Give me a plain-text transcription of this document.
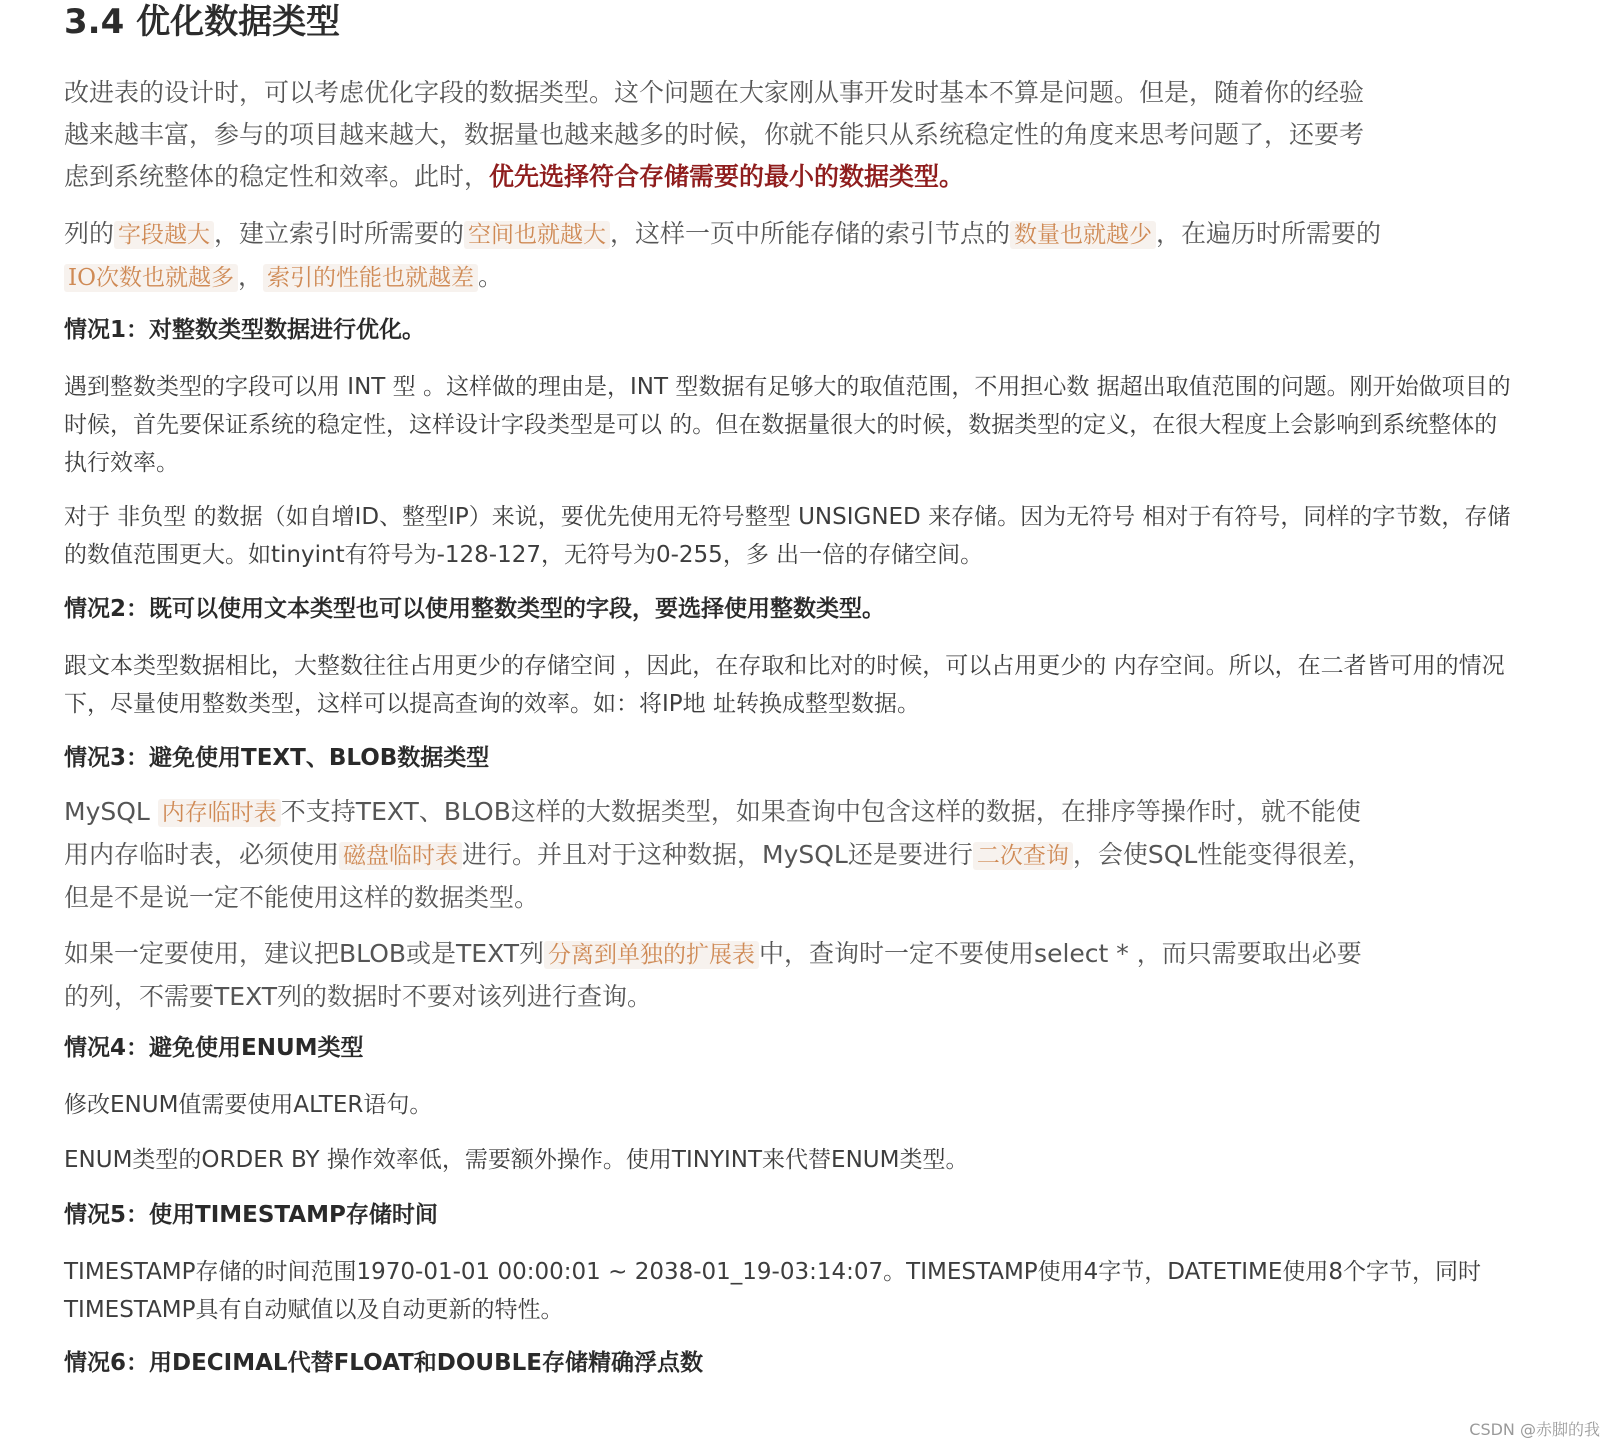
3.4 优化数据类型

改进表的设计时，可以考虑优化字段的数据类型。这个问题在大家刚从事开发时基本不算是问题。但是，随着你的经验越来越丰富，参与的项目越来越大，数据量也越来越多的时候，你就不能只从系统稳定性的角度来思考问题了，还要考虑到系统整体的稳定性和效率。此时，优先选择符合存储需要的最小的数据类型。

列的 字段越大 ，建立索引时所需要的 空间也就越大 ，这样一页中所能存储的索引节点的 数量也就越少 ，在遍历时所需要的IO次数也就越多 ， 索引的性能也就越差 。

情况1：对整数类型数据进行优化。

遇到整数类型的字段可以用 INT 型 。这样做的理由是，INT 型数据有足够大的取值范围，不用担心数 据超出取值范围的问题。刚开始做项目的时候，首先要保证系统的稳定性，这样设计字段类型是可以 的。但在数据量很大的时候，数据类型的定义，在很大程度上会影响到系统整体的执行效率。

对于 非负型 的数据（如自增ID、整型IP）来说，要优先使用无符号整型 UNSIGNED 来存储。因为无符号 相对于有符号，同样的字节数，存储的数值范围更大。如tinyint有符号为-128-127，无符号为0-255，多 出一倍的存储空间。

情况2：既可以使用文本类型也可以使用整数类型的字段，要选择使用整数类型。

跟文本类型数据相比，大整数往往占用更少的存储空间 ，因此，在存取和比对的时候，可以占用更少的 内存空间。所以，在二者皆可用的情况下，尽量使用整数类型，这样可以提高查询的效率。如：将IP地 址转换成整型数据。

情况3：避免使用TEXT、BLOB数据类型

MySQL 内存临时表 不支持TEXT、BLOB这样的大数据类型，如果查询中包含这样的数据，在排序等操作时，就不能使用内存临时表，必须使用 磁盘临时表 进行。并且对于这种数据，MySQL还是要进行 二次查询 ，会使SQL性能变得很差，但是不是说一定不能使用这样的数据类型。

如果一定要使用，建议把BLOB或是TEXT列 分离到单独的扩展表 中，查询时一定不要使用select * ，而只需要取出必要的列，不需要TEXT列的数据时不要对该列进行查询。

情况4：避免使用ENUM类型

修改ENUM值需要使用ALTER语句。

ENUM类型的ORDER BY 操作效率低，需要额外操作。使用TINYINT来代替ENUM类型。

情况5：使用TIMESTAMP存储时间

TIMESTAMP存储的时间范围1970-01-01 00:00:01 ~ 2038-01_19-03:14:07。TIMESTAMP使用4字节，DATETIME使用8个字节，同时TIMESTAMP具有自动赋值以及自动更新的特性。

情况6：用DECIMAL代替FLOAT和DOUBLE存储精确浮点数
CSDN @赤脚的我
